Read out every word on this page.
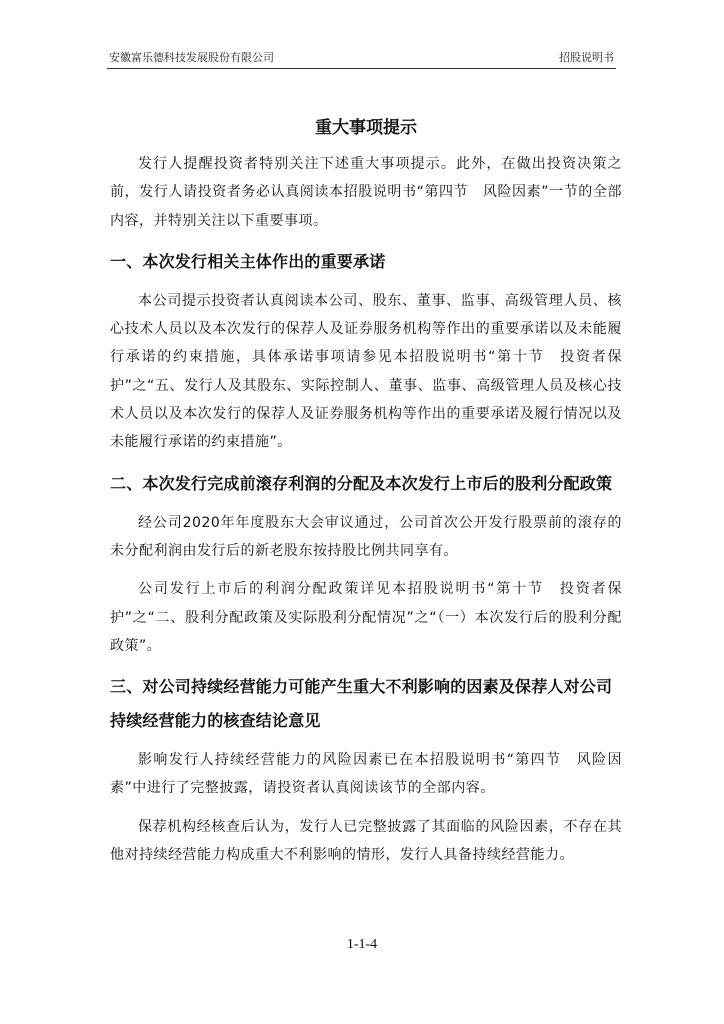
安徽富乐德科技发展股份有限公司	招股说明书
重大事项提示

发行人提醒投资者特别关注下述重大事项提示。此外，在做出投资决策之前，发行人请投资者务必认真阅读本招股说明书“第四节　风险因素”一节的全部内容，并特别关注以下重要事项。

一、本次发行相关主体作出的重要承诺

本公司提示投资者认真阅读本公司、股东、董事、监事、高级管理人员、核心技术人员以及本次发行的保荐人及证券服务机构等作出的重要承诺以及未能履行承诺的约束措施，具体承诺事项请参见本招股说明书“第十节　投资者保护”之“五、发行人及其股东、实际控制人、董事、监事、高级管理人员及核心技术人员以及本次发行的保荐人及证券服务机构等作出的重要承诺及履行情况以及未能履行承诺的约束措施”。

二、本次发行完成前滚存利润的分配及本次发行上市后的股利分配政策

经公司2020年年度股东大会审议通过，公司首次公开发行股票前的滚存的未分配利润由发行后的新老股东按持股比例共同享有。

公司发行上市后的利润分配政策详见本招股说明书“第十节　投资者保护”之“二、股利分配政策及实际股利分配情况”之“（一）本次发行后的股利分配政策”。

三、对公司持续经营能力可能产生重大不利影响的因素及保荐人对公司持续经营能力的核查结论意见

影响发行人持续经营能力的风险因素已在本招股说明书“第四节　风险因素”中进行了完整披露，请投资者认真阅读该节的全部内容。

保荐机构经核查后认为，发行人已完整披露了其面临的风险因素，不存在其他对持续经营能力构成重大不利影响的情形，发行人具备持续经营能力。

1-1-4
